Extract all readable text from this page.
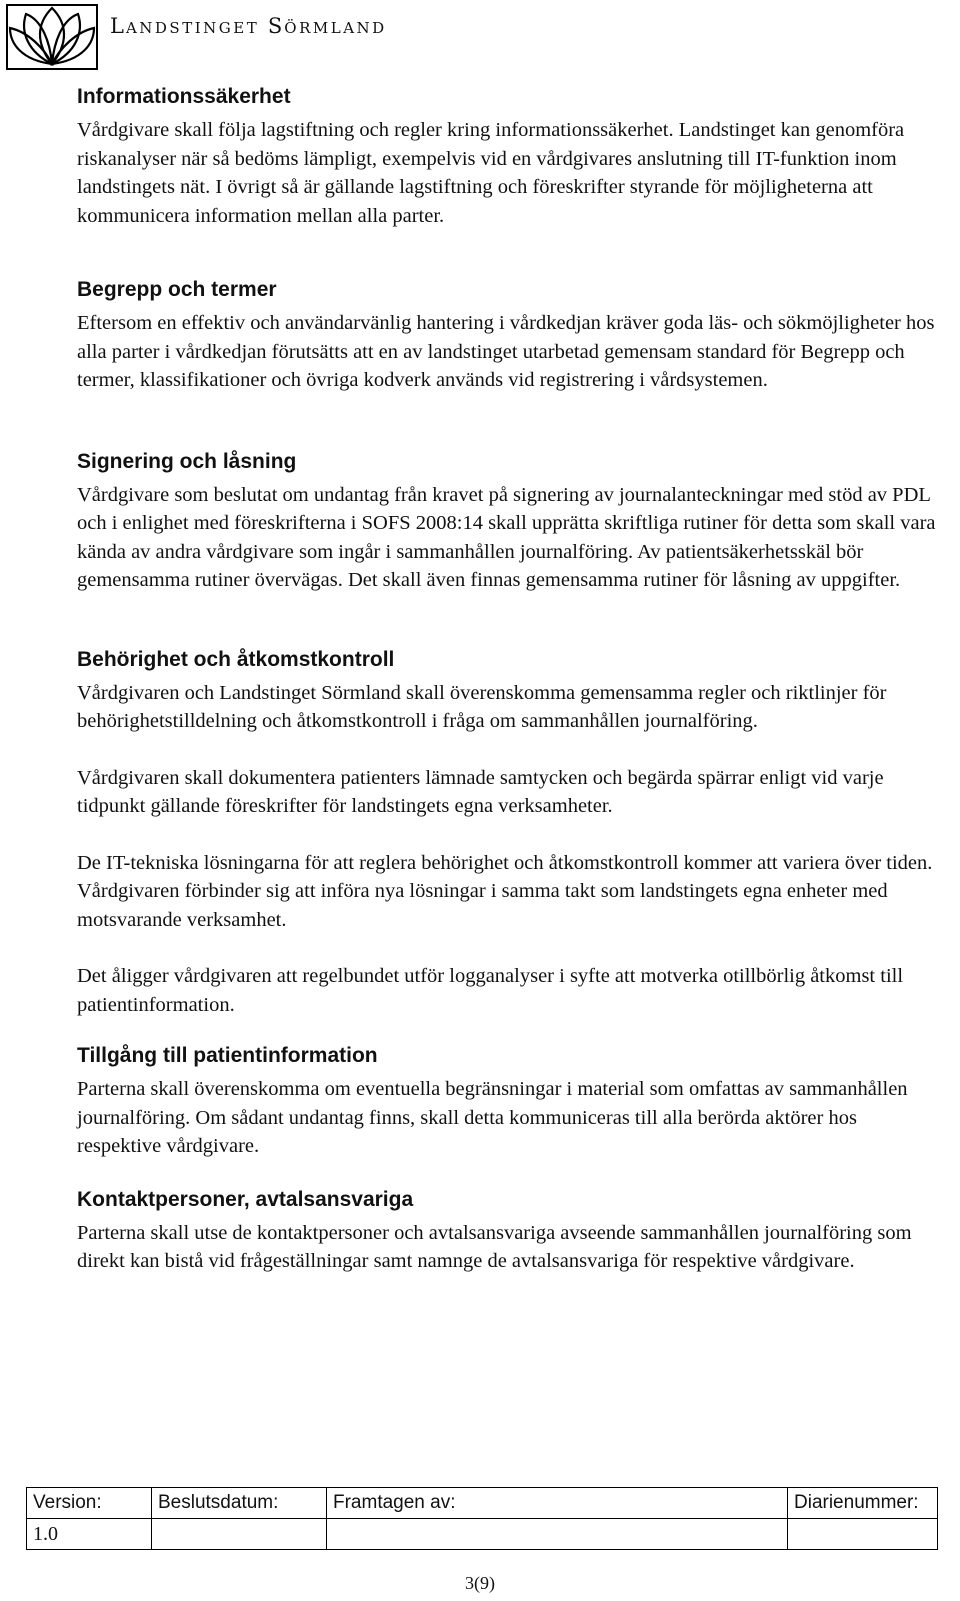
LANDSTINGET SÖRMLAND
Informationssäkerhet

Vårdgivare skall följa lagstiftning och regler kring informationssäkerhet. Landstinget kan genomföra riskanalyser när så bedöms lämpligt, exempelvis vid en vårdgivares anslutning till IT-funktion inom landstingets nät. I övrigt så är gällande lagstiftning och föreskrifter styrande för möjligheterna att kommunicera information mellan alla parter.

Begrepp och termer

Eftersom en effektiv och användarvänlig hantering i vårdkedjan kräver goda läs- och sökmöjligheter hos alla parter i vårdkedjan förutsätts att en av landstinget utarbetad gemensam standard för Begrepp och termer, klassifikationer och övriga kodverk används vid registrering i vårdsystemen.

Signering och låsning

Vårdgivare som beslutat om undantag från kravet på signering av journalanteckningar med stöd av PDL och i enlighet med föreskrifterna i SOFS 2008:14 skall upprätta skriftliga rutiner för detta som skall vara kända av andra vårdgivare som ingår i sammanhållen journalföring. Av patientsäkerhetsskäl bör gemensamma rutiner övervägas. Det skall även finnas gemensamma rutiner för låsning av uppgifter.

Behörighet och åtkomstkontroll

Vårdgivaren och Landstinget Sörmland skall överenskomma gemensamma regler och riktlinjer för behörighetstilldelning och åtkomstkontroll i fråga om sammanhållen journalföring.

Vårdgivaren skall dokumentera patienters lämnade samtycken och begärda spärrar enligt vid varje tidpunkt gällande föreskrifter för landstingets egna verksamheter.

De IT-tekniska lösningarna för att reglera behörighet och åtkomstkontroll kommer att variera över tiden. Vårdgivaren förbinder sig att införa nya lösningar i samma takt som landstingets egna enheter med motsvarande verksamhet.

Det åligger vårdgivaren att regelbundet utför logganalyser i syfte att motverka otillbörlig åtkomst till patientinformation.

Tillgång till patientinformation

Parterna skall överenskomma om eventuella begränsningar i material som omfattas av sammanhållen journalföring. Om sådant undantag finns, skall detta kommuniceras till alla berörda aktörer hos respektive vårdgivare.

Kontaktpersoner, avtalsansvariga

Parterna skall utse de kontaktpersoner och avtalsansvariga avseende sammanhållen journalföring som direkt kan bistå vid frågeställningar samt namnge de avtalsansvariga för respektive vårdgivare.

Version:	Beslutsdatum:	Framtagen av:	Diarienummer:
1.0			
3(9)
